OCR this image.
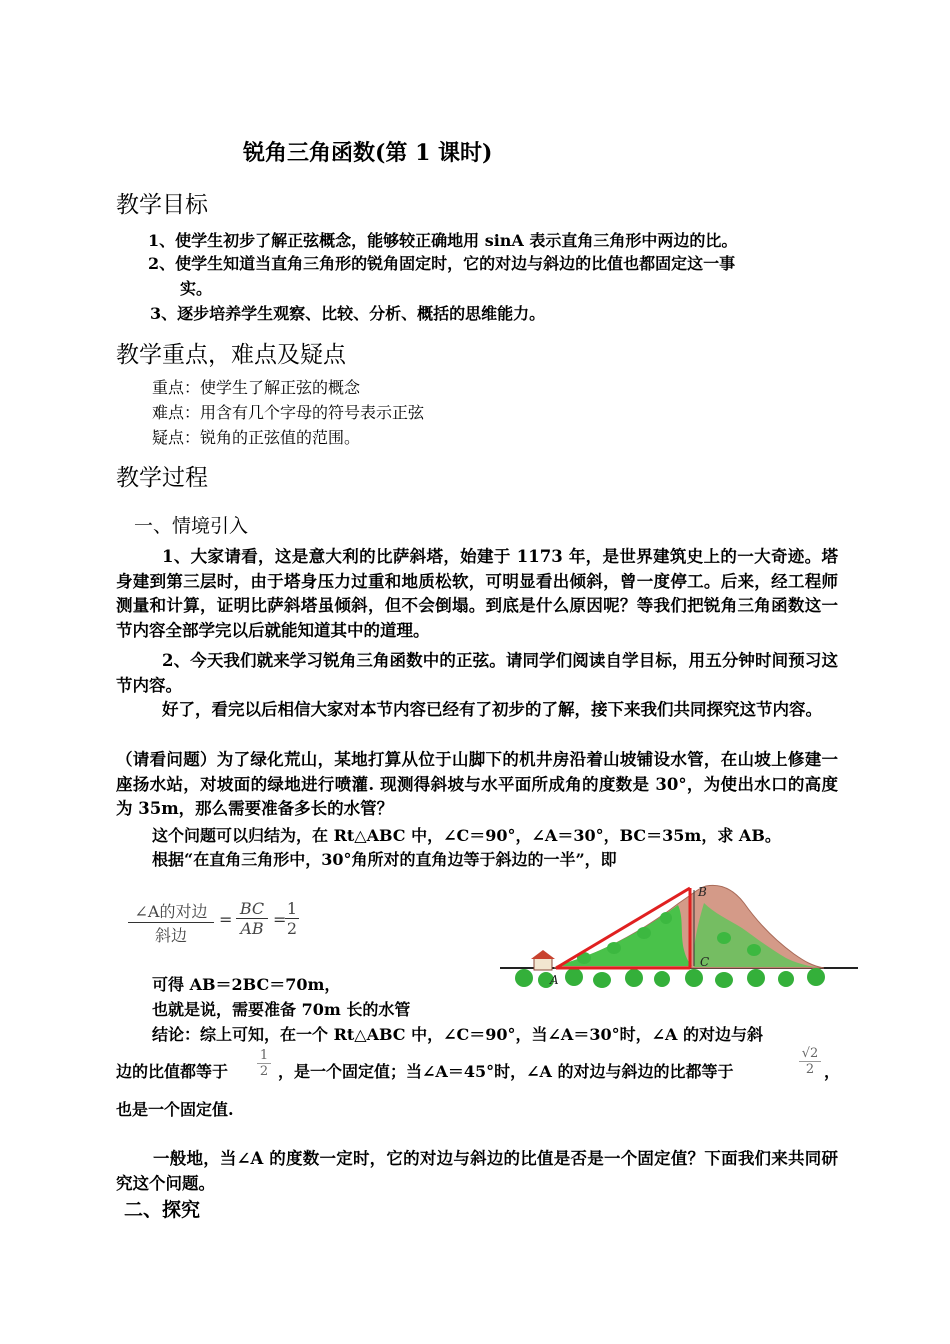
锐角三角函数(第 1 课时)
教学目标
1、使学生初步了解正弦概念，能够较正确地用 sinA 表示直角三角形中两边的比。
2、使学生知道当直角三角形的锐角固定时，它的对边与斜边的比值也都固定这一事
实。
3、逐步培养学生观察、比较、分析、概括的思维能力。
教学重点，难点及疑点
重点：使学生了解正弦的概念
难点：用含有几个字母的符号表示正弦
疑点：锐角的正弦值的范围。
教学过程
一、情境引入
1、大家请看，这是意大利的比萨斜塔，始建于 1173 年，是世界建筑史上的一大奇迹。塔身建到第三层时，由于塔身压力过重和地质松软，可明显看出倾斜，曾一度停工。后来，经工程师测量和计算，证明比萨斜塔虽倾斜，但不会倒塌。到底是什么原因呢？等我们把锐角三角函数这一节内容全部学完以后就能知道其中的道理。
2、今天我们就来学习锐角三角函数中的正弦。请同学们阅读自学目标，用五分钟时间预习这节内容。
好了，看完以后相信大家对本节内容已经有了初步的了解，接下来我们共同探究这节内容。
（请看问题）为了绿化荒山，某地打算从位于山脚下的机井房沿着山坡铺设水管，在山坡上修建一座扬水站，对坡面的绿地进行喷灌. 现测得斜坡与水平面所成角的度数是 30°，为使出水口的高度为 35m，那么需要准备多长的水管？
这个问题可以归结为，在 Rt△ABC 中，∠C＝90°，∠A＝30°，BC＝35m，求 AB。
根据“在直角三角形中，30°角所对的直角边等于斜边的一半”，即
∠A的对边
斜边
=
BC
AB =
1
2
A
B
C
可得 AB＝2BC＝70m，
也就是说，需要准备 70m 长的水管
结论：综上可知，在一个 Rt△ABC 中，∠C＝90°，当∠A＝30°时，∠A 的对边与斜
边的比值都等于
1
2 ，是一个固定值；当∠A＝45°时，∠A 的对边与斜边的比都等于
√2
2 ，
也是一个固定值.
一般地，当∠A 的度数一定时，它的对边与斜边的比值是否是一个固定值？下面我们来共同研究这个问题。
二、探究
